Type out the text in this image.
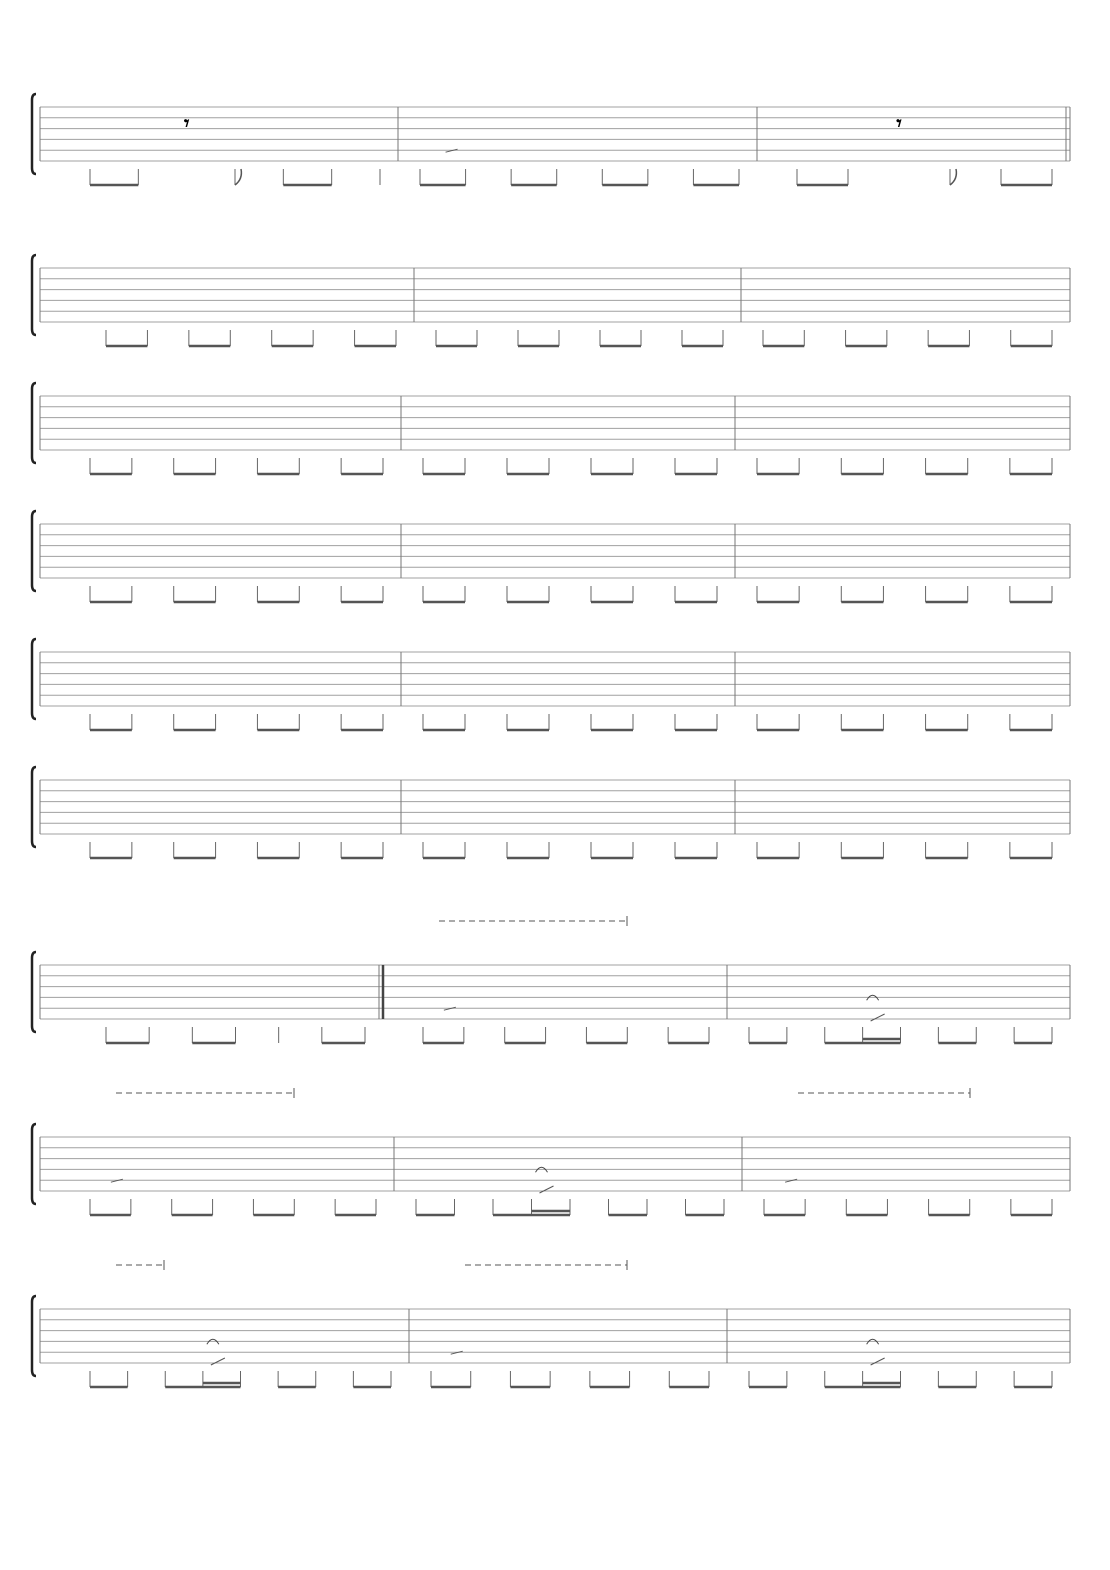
𝄾	𝄾
